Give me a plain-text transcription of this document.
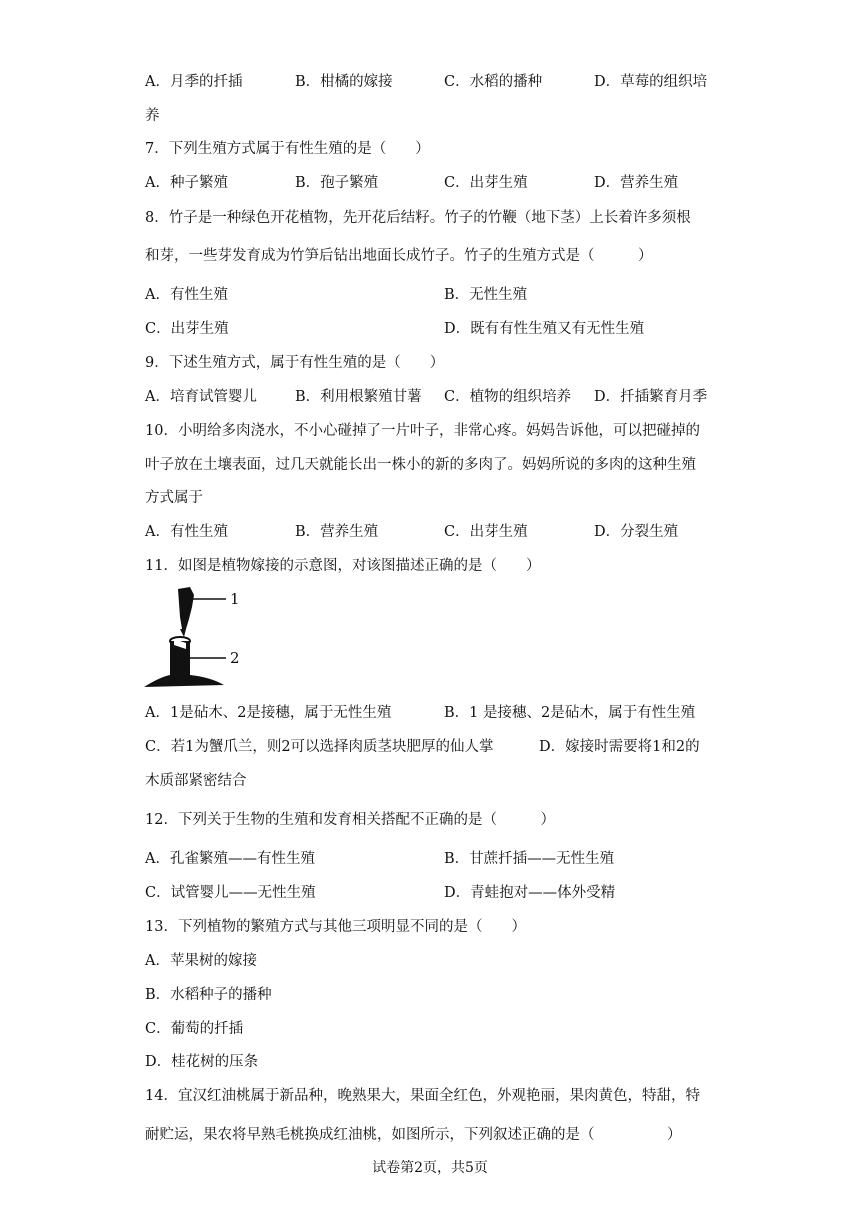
A．月季的扦插	B．柑橘的嫁接	C．水稻的播种	D．草莓的组织培
养
7．下列生殖方式属于有性生殖的是（　　）
A．种子繁殖	B．孢子繁殖	C．出芽生殖	D．营养生殖
8．竹子是一种绿色开花植物，先开花后结籽。竹子的竹鞭（地下茎）上长着许多须根
和芽，一些芽发育成为竹笋后钻出地面长成竹子。竹子的生殖方式是（　　　）
A．有性生殖	B．无性生殖
C．出芽生殖	D．既有有性生殖又有无性生殖
9．下述生殖方式，属于有性生殖的是（　　）
A．培育试管婴儿	B．利用根繁殖甘薯 C．植物的组织培养 D．扦插繁育月季
10．小明给多肉浇水，不小心碰掉了一片叶子，非常心疼。妈妈告诉他，可以把碰掉的
叶子放在土壤表面，过几天就能长出一株小的新的多肉了。妈妈所说的多肉的这种生殖
方式属于
A．有性生殖	B．营养生殖	C．出芽生殖	D．分裂生殖
11．如图是植物嫁接的示意图，对该图描述正确的是（　　）
1
2
A．1是砧木、2是接穗，属于无性生殖	B．1 是接穗、2是砧木，属于有性生殖
C．若1为蟹爪兰，则2可以选择肉质茎块肥厚的仙人掌	D．嫁接时需要将1和2的
木质部紧密结合
12．下列关于生物的生殖和发育相关搭配不正确的是（　　　）
A．孔雀繁殖——有性生殖	B．甘蔗扦插——无性生殖
C．试管婴儿——无性生殖	D．青蛙抱对——体外受精
13．下列植物的繁殖方式与其他三项明显不同的是（　　）
A．苹果树的嫁接
B．水稻种子的播种
C．葡萄的扦插
D．桂花树的压条
14．宜汉红油桃属于新品种，晚熟果大，果面全红色，外观艳丽，果肉黄色，特甜，特
耐贮运，果农将早熟毛桃换成红油桃，如图所示，下列叙述正确的是（　　　　　）
试卷第2页，共5页
